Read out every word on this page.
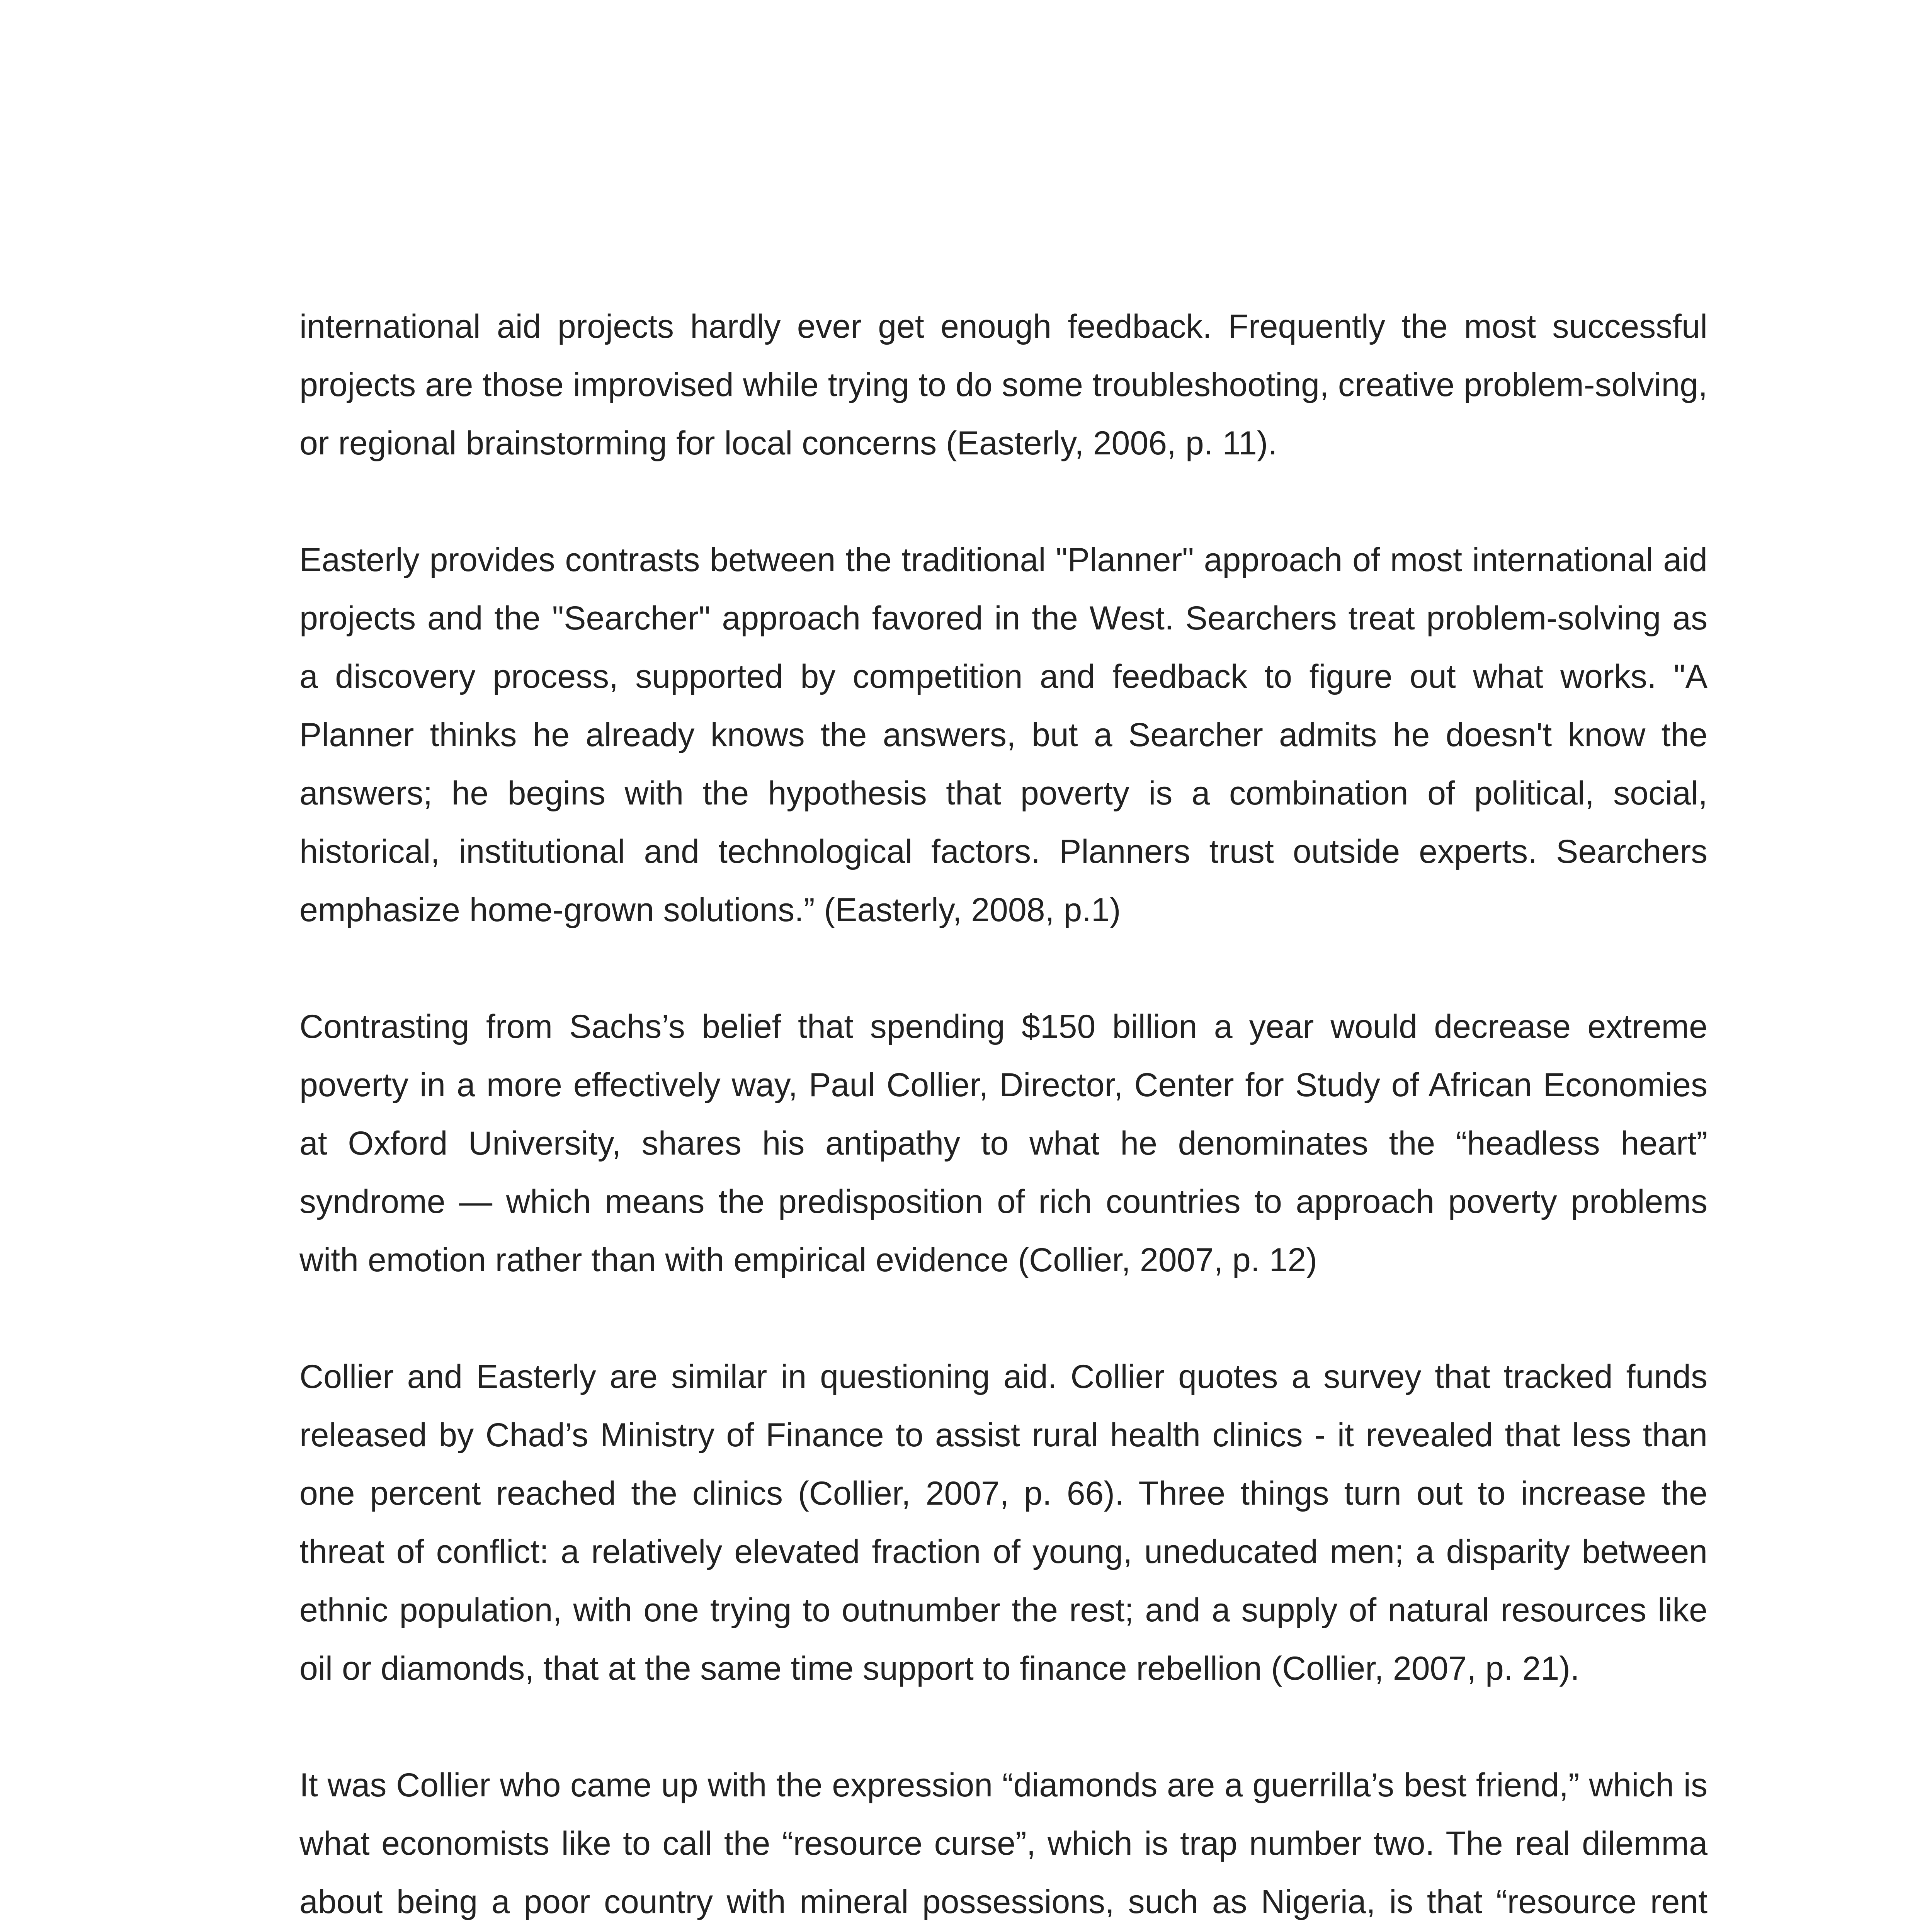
international aid projects hardly ever get enough feedback. Frequently the most successful projects are those improvised while trying to do some troubleshooting, creative problem-solving, or regional brainstorming for local concerns (Easterly, 2006, p. 11).

Easterly provides contrasts between the traditional "Planner" approach of most international aid projects and the "Searcher" approach favored in the West. Searchers treat problem-solving as a discovery process, supported by competition and feedback to figure out what works. "A Planner thinks he already knows the answers, but a Searcher admits he doesn't know the answers; he begins with the hypothesis that poverty is a combination of political, social, historical, institutional and technological factors. Planners trust outside experts. Searchers emphasize home-grown solutions.” (Easterly, 2008, p.1)

Contrasting from Sachs’s belief that spending $150 billion a year would decrease extreme poverty in a more effectively way, Paul Collier, Director, Center for Study of African Economies at Oxford University, shares his antipathy to what he denominates the “headless heart” syndrome — which means the predisposition of rich countries to approach poverty problems with emotion rather than with empirical evidence (Collier, 2007, p. 12)

Collier and Easterly are similar in questioning aid. Collier quotes a survey that tracked funds released by Chad’s Ministry of Finance to assist rural health clinics - it revealed that less than one percent reached the clinics (Collier, 2007, p. 66). Three things turn out to increase the threat of conflict: a relatively elevated fraction of young, uneducated men; a disparity between ethnic population, with one trying to outnumber the rest; and a supply of natural resources like oil or diamonds, that at the same time support to finance rebellion (Collier, 2007, p. 21).

It was Collier who came up with the expression “diamonds are a guerrilla’s best friend,” which is what economists like to call the “resource curse”, which is trap number two. The real dilemma about being a poor country with mineral possessions, such as Nigeria, is that “resource rent
